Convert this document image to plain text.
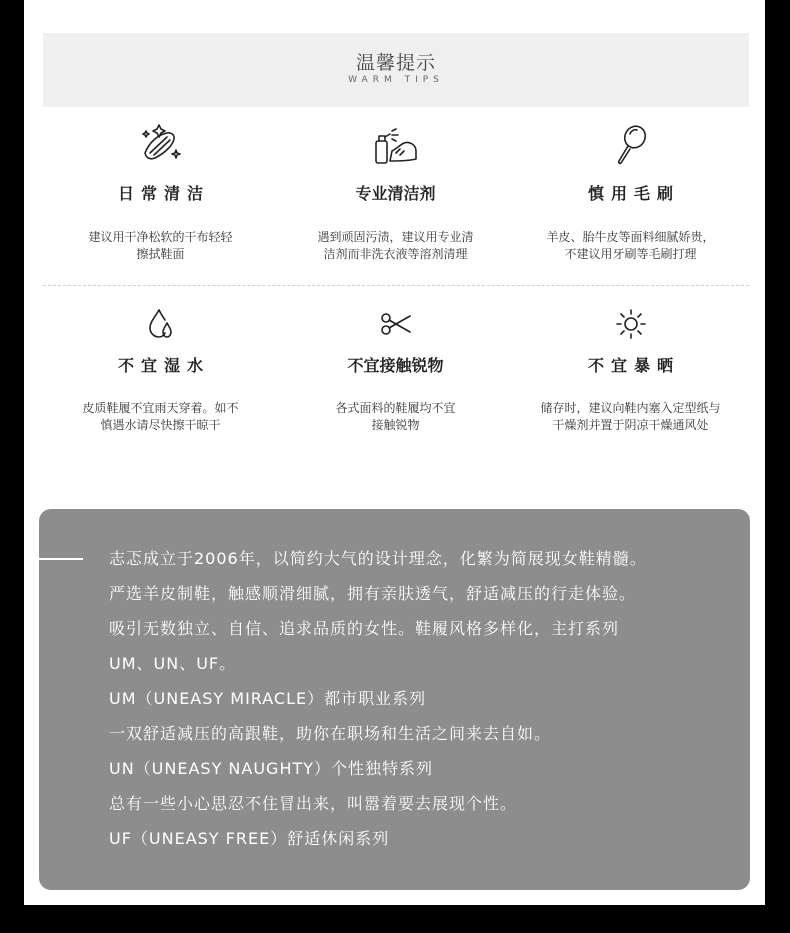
温馨提示
WARM TIPS
日常清洁
建议用干净松软的干布轻轻
擦拭鞋面
专业清洁剂
遇到顽固污渍，建议用专业清
洁剂而非洗衣液等溶剂清理
慎用毛刷
羊皮、胎牛皮等面料细腻娇贵，
不建议用牙刷等毛刷打理
不宜湿水
皮质鞋履不宜雨天穿着。如不
慎遇水请尽快擦干晾干
不宜接触锐物
各式面料的鞋履均不宜
接触锐物
不宜暴晒
储存时，建议向鞋内塞入定型纸与
干燥剂并置于阴凉干燥通风处
志忑成立于2006年，以简约大气的设计理念，化繁为简展现女鞋精髓。
严选羊皮制鞋，触感顺滑细腻，拥有亲肤透气，舒适减压的行走体验。
吸引无数独立、自信、追求品质的女性。鞋履风格多样化，主打系列
UM、UN、UF。
UM（UNEASY MIRACLE）都市职业系列
一双舒适减压的高跟鞋，助你在职场和生活之间来去自如。
UN（UNEASY NAUGHTY）个性独特系列
总有一些小心思忍不住冒出来，叫嚣着要去展现个性。
UF（UNEASY FREE）舒适休闲系列
